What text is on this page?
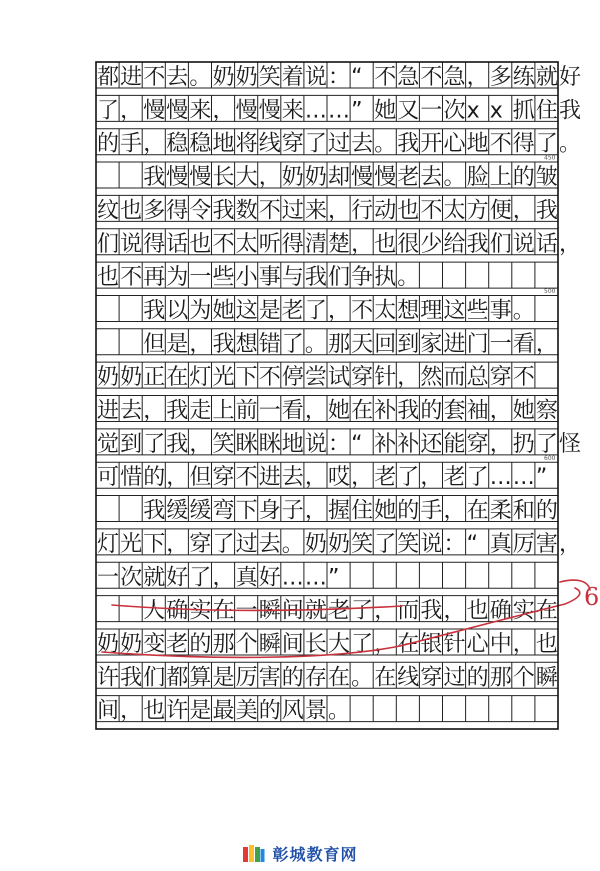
都进不去。奶奶笑着说：“ 不急不急，多练就好
了，慢慢来，慢慢来……” 她又一次x x 抓住我
的手，稳稳地将线穿了过去。我开心地不得了。
　　我慢慢长大，奶奶却慢慢老去。脸上的皱
纹也多得令我数不过来，行动也不太方便，我
们说得话也不太听得清楚，也很少给我们说话，
也不再为一些小事与我们争执。
　　我以为她这是老了，不太想理这些事。
　　但是，我想错了。那天回到家进门一看，
奶奶正在灯光下不停尝试穿针，然而总穿不
进去，我走上前一看，她在补我的套袖，她察
觉到了我，笑眯眯地说：“ 补补还能穿，扔了怪
可惜的，但穿不进去，哎，老了，老了……”
　　我缓缓弯下身子，握住她的手，在柔和的
灯光下，穿了过去。奶奶笑了笑说：“ 真厉害，
一次就好了，真好……”
　　人确实在一瞬间就老了，而我，也确实在
奶奶变老的那个瞬间长大了，在银针心中，也
许我们都算是厉害的存在。在线穿过的那个瞬
间，也许是最美的风景。
450
500
600
6
彰城教育网
